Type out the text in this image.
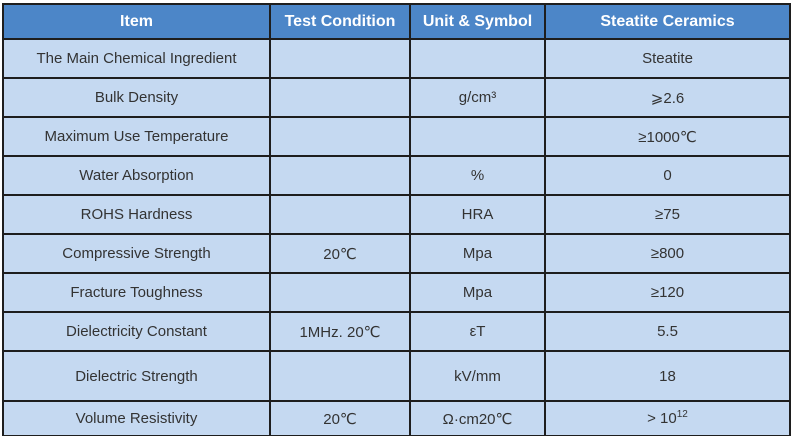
Item	Test Condition	Unit & Symbol	Steatite Ceramics
The Main Chemical Ingredient			Steatite
Bulk Density		g/cm³	⩾2.6
Maximum Use Temperature			≥1000℃
Water Absorption		%	0
ROHS Hardness		HRA	≥75
Compressive Strength	20℃	Mpa	≥800
Fracture Toughness		Mpa	≥120
Dielectricity Constant	1MHz. 20℃	εT	5.5
Dielectric Strength		kV/mm	18
Volume Resistivity	20℃	Ω·cm20℃	> $10^{12}$
